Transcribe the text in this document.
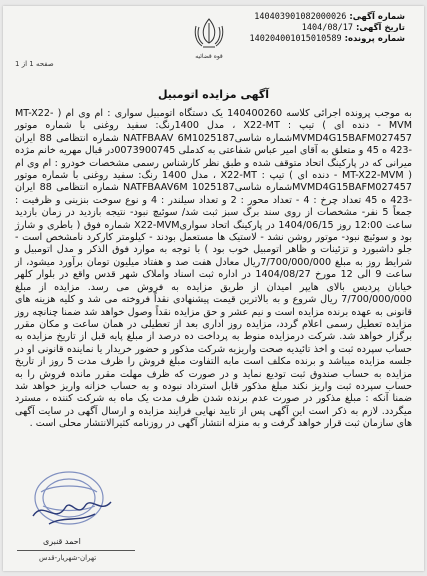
شماره آگهی:
140403901082000026
تاریخ آگهی:
1404/08/17
شماره پرونده:
140204001015010589
قوه قضائیه
صفحه 1 از 1
آگهی مزایده اتومبیل
به موجب پرونده اجرائی کلاسه 140400260 یک دستگاه اتومبیل سواری : ام وی ام ( MT-X22-MVM - دنده ای ) تیپ : X22-MT ، مدل 1400رنگ: سفید روغنی با شماره موتور MVMD4G15BAFM027457شماره شاسیNATFBAAV 6M1025187 شماره انتظامی 88 ایران -423 ه 45 و متعلق به آقای امیر عباس شفاعتی به کدملی 0073900745در قبال مهریه خانم مژده میرانی که در پارکینگ اتحاد متوقف شده و طبق نظر کارشناس رسمی مشخصات خودرو : ام وی ام ( MT-X22-MVM - دنده ای ) تیپ : X22-MT ، مدل 1400 رنگ: سفید روغنی با شماره موتور MVMD4G15BAFM027457شماره شاسیNATFBAAV6M 1025187 شماره انتظامی 88 ایران -423 ه 45 تعداد چرخ : 4 - تعداد محور : 2 و تعداد سیلندر : 4 و نوع سوخت بنزینی و ظرفیت : جمعاً 5 نفر- مشخصات از روی سند برگ سبز ثبت شد/ سوئیچ نبود- نتیجه بازدید در زمان بازدید ساعت 12:00 روز 1404/06/15 در پارکینگ اتحاد سواریX22-MVM شماره فوق ( باطری و شارژ بود و سوئیچ نبود- موتور روشن نشد - لاستیک ها مستعمل بودند - کیلومتر کارکرد نامشخص است - جلو داشبورد و تزئینات و ظاهر اتومبیل خوب بود ) با توجه به موارد فوق الذکر و مدل اتومبیل و شرایط روز به مبلغ 7/700/000/000ریال معادل هفت صد و هفتاد میلیون تومان برآورد میشود، از ساعت 9 الی 12 مورخ 1404/08/27 در اداره ثبت اسناد واملاک شهر قدس واقع در بلوار کلهر خیابان پردیس بالای هایپر امیدان از طریق مزایده به فروش می رسد. مزایده از مبلغ 7/700/000/000 ریال شروع و به بالاترین قیمت پیشنهادی نقداً فروخته می شد و کلیه هزینه های قانونی به عهده برنده مزایده است و نیم عشر و حق مزایده نقداً وصول خواهد شد ضمنا چنانچه روز مزایده تعطیل رسمی اعلام گردد، مزایده روز اداری بعد از تعطیلی در همان ساعت و مکان مقرر برگزار خواهد شد. شرکت درمزایده منوط به پرداخت ده درصد از مبلغ پایه قبل از تاریخ مزایده به حساب سپرده ثبت و اخذ تائیدیه صحت واریزیه شرکت مذکور و حضور خریدار یا نماینده قانونی او در جلسه مزایده میباشد و برنده مکلف است مابه التفاوت مبلغ فروش را ظرف مدت 5 روز از تاریخ مزایده به حساب صندوق ثبت تودیع نماید و در صورت که ظرف مهلت مقرر مانده فروش را به حساب سپرده ثبت واریز نکند مبلغ مذکور قابل استرداد نبوده و به حساب خزانه واریز خواهد شد ضمنا آنکه : مبلغ مذکور در صورت عدم برنده شدن ظرف مدت یک ماه به شرکت کننده ، مسترد میگردد. لازم به ذکر است این آگهی پس از تایید نهایی فرایند مزایده و ارسال آگهی در سایت آگهی های سازمان ثبت قرار خواهد گرفت و به منزله انتشار آگهی در روزنامه کثیرالانتشار محلی است .
احمد قنبری
تهران-شهریار-قدس
